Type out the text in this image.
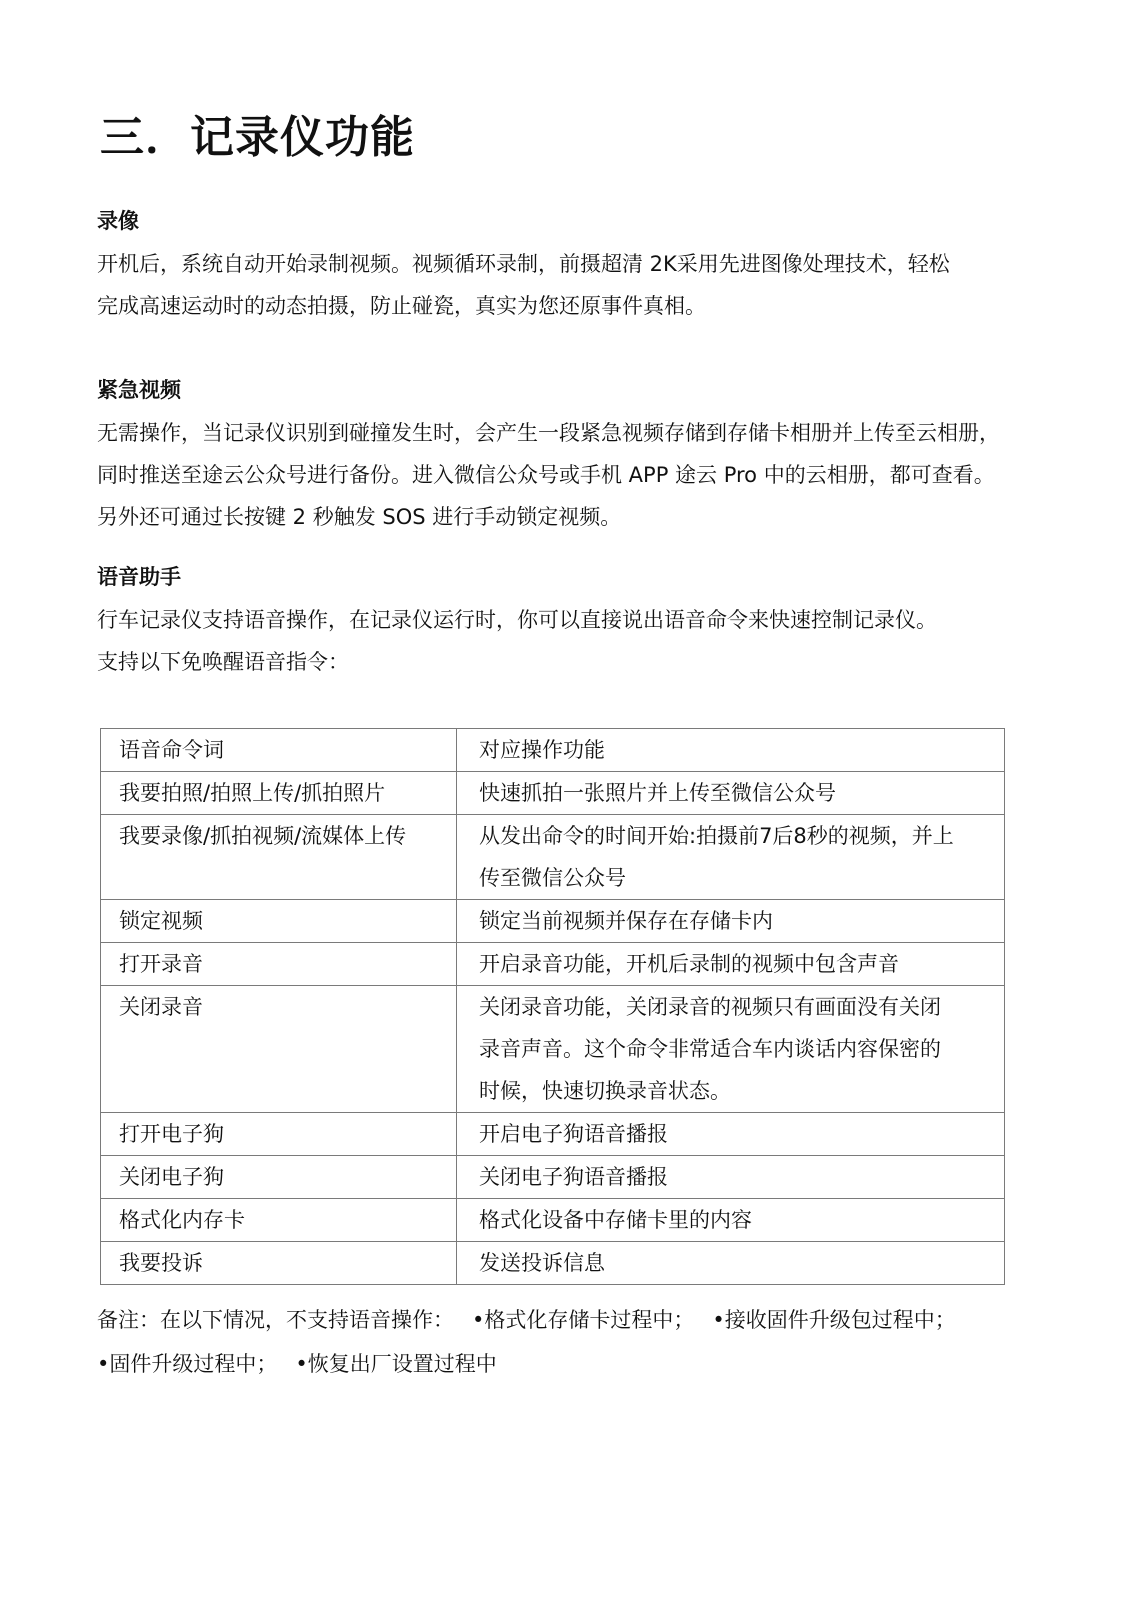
三．记录仪功能
录像

开机后，系统自动开始录制视频。视频循环录制，前摄超清 2K采用先进图像处理技术，轻松
完成高速运动时的动态拍摄，防止碰瓷，真实为您还原事件真相。

紧急视频

无需操作，当记录仪识别到碰撞发生时，会产生一段紧急视频存储到存储卡相册并上传至云相册，
同时推送至途云公众号进行备份。进入微信公众号或手机 APP 途云 Pro 中的云相册，都可查看。
另外还可通过长按键 2 秒触发 SOS 进行手动锁定视频。

语音助手

行车记录仪支持语音操作，在记录仪运行时，你可以直接说出语音命令来快速控制记录仪。
支持以下免唤醒语音指令：

语音命令词	对应操作功能
我要拍照/拍照上传/抓拍照片	快速抓拍一张照片并上传至微信公众号

我要录像/抓拍视频/流媒体上传	从发出命令的时间开始:拍摄前7后8秒的视频，并上
传至微信公众号

锁定视频	锁定当前视频并保存在存储卡内

打开录音	开启录音功能，开机后录制的视频中包含声音

关闭录音	关闭录音功能，关闭录音的视频只有画面没有关闭
录音声音。这个命令非常适合车内谈话内容保密的
时候，快速切换录音状态。

打开电子狗	开启电子狗语音播报

关闭电子狗	关闭电子狗语音播报

格式化内存卡	格式化设备中存储卡里的内容

我要投诉	发送投诉信息

备注：在以下情况，不支持语音操作： •格式化存储卡过程中； •接收固件升级包过程中；
•固件升级过程中； •恢复出厂设置过程中
